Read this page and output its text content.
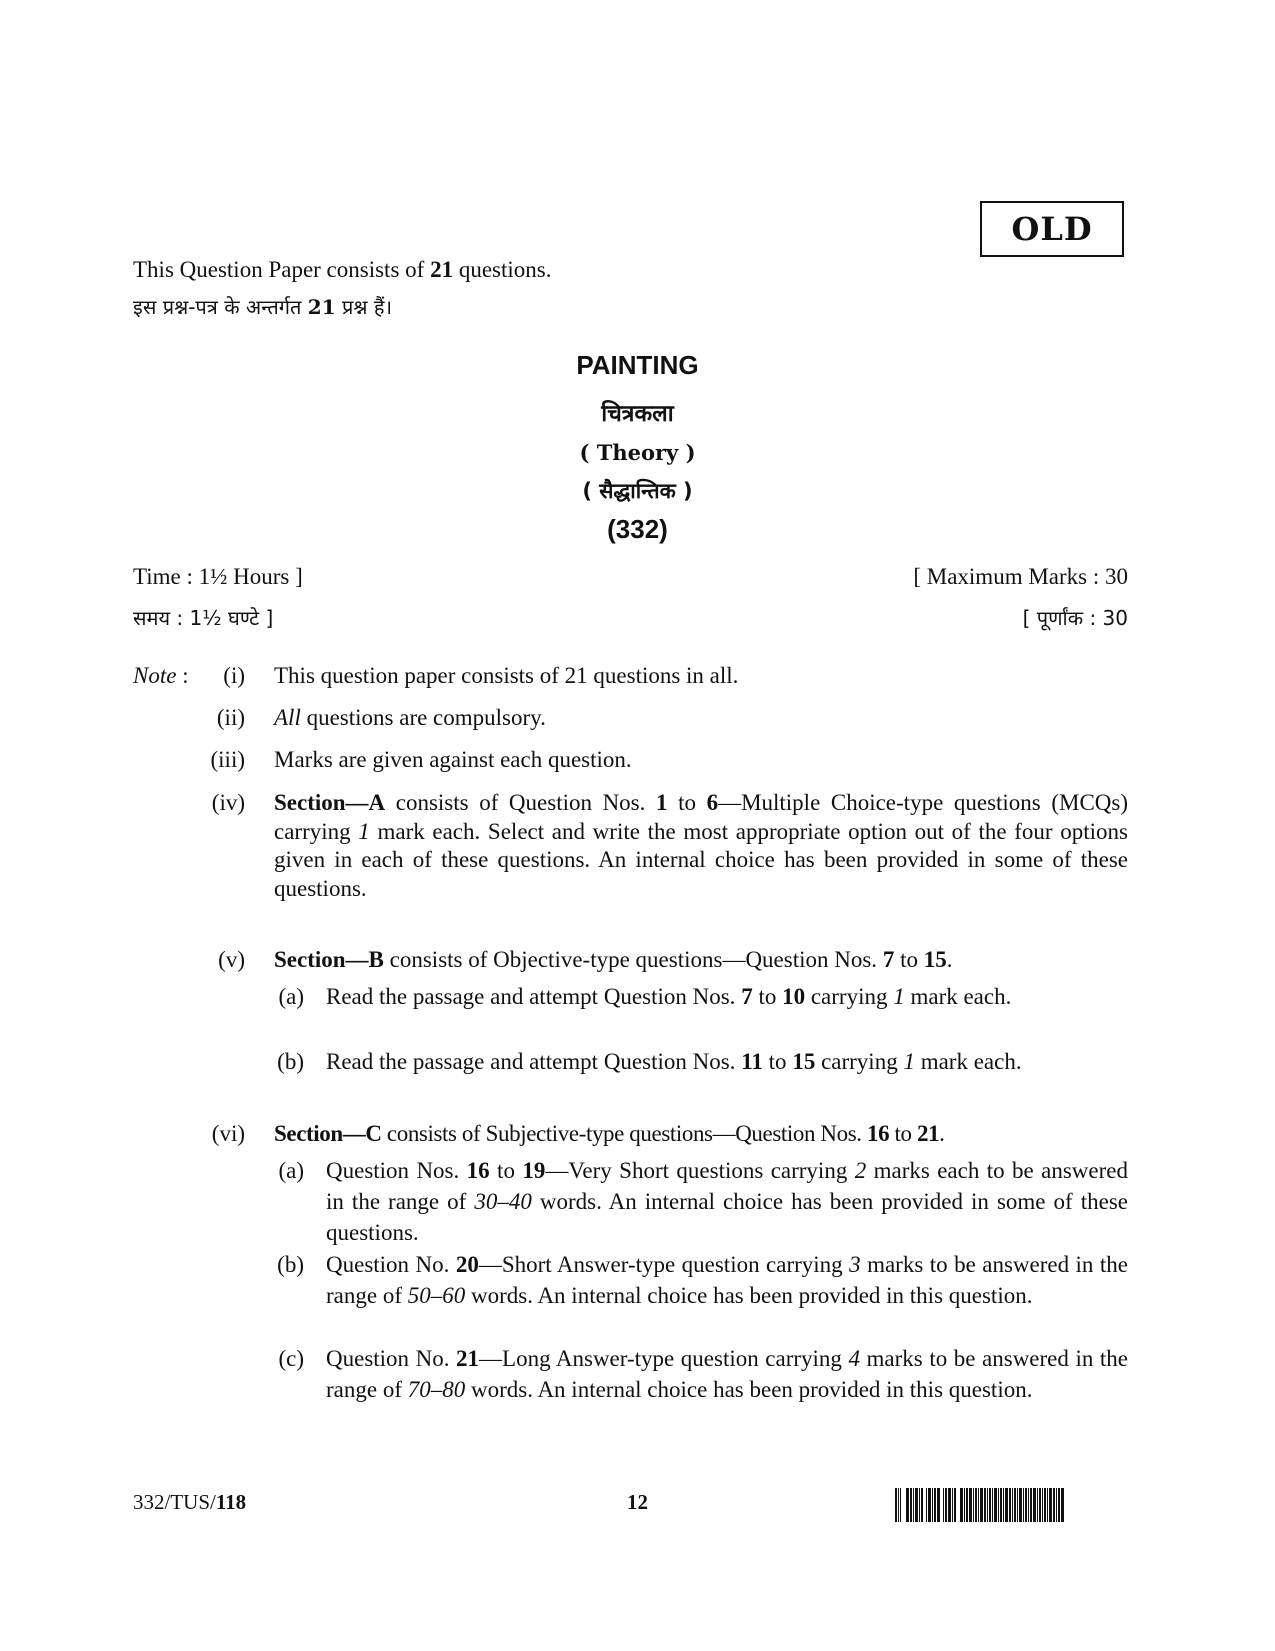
OLD
This Question Paper consists of 21 questions.
इस प्रश्न-पत्र के अन्तर्गत 21 प्रश्न हैं।
PAINTING
चित्रकला
( Theory )
( सैद्धान्तिक )
(332)
Time : 1½ Hours ]	[ Maximum Marks : 30
समय : 1½ घण्टे ]	[ पूर्णांक : 30
Note :	(i) This question paper consists of 21 questions in all.
(ii) All questions are compulsory.
(iii) Marks are given against each question.
(iv) Section—A consists of Question Nos. 1 to 6—Multiple Choice-type questions (MCQs) carrying 1 mark each. Select and write the most appropriate option out of the four options given in each of these questions. An internal choice has been provided in some of these questions.
(v) Section—B consists of Objective-type questions—Question Nos. 7 to 15.
(a) Read the passage and attempt Question Nos. 7 to 10 carrying 1 mark each.
(b) Read the passage and attempt Question Nos. 11 to 15 carrying 1 mark each.
(vi) Section—C consists of Subjective-type questions—Question Nos. 16 to 21.
(a) Question Nos. 16 to 19—Very Short questions carrying 2 marks each to be answered in the range of 30–40 words. An internal choice has been provided in some of these questions.
(b) Question No. 20—Short Answer-type question carrying 3 marks to be answered in the range of 50–60 words. An internal choice has been provided in this question.
(c) Question No. 21—Long Answer-type question carrying 4 marks to be answered in the range of 70–80 words. An internal choice has been provided in this question.
332/TUS/118	12
